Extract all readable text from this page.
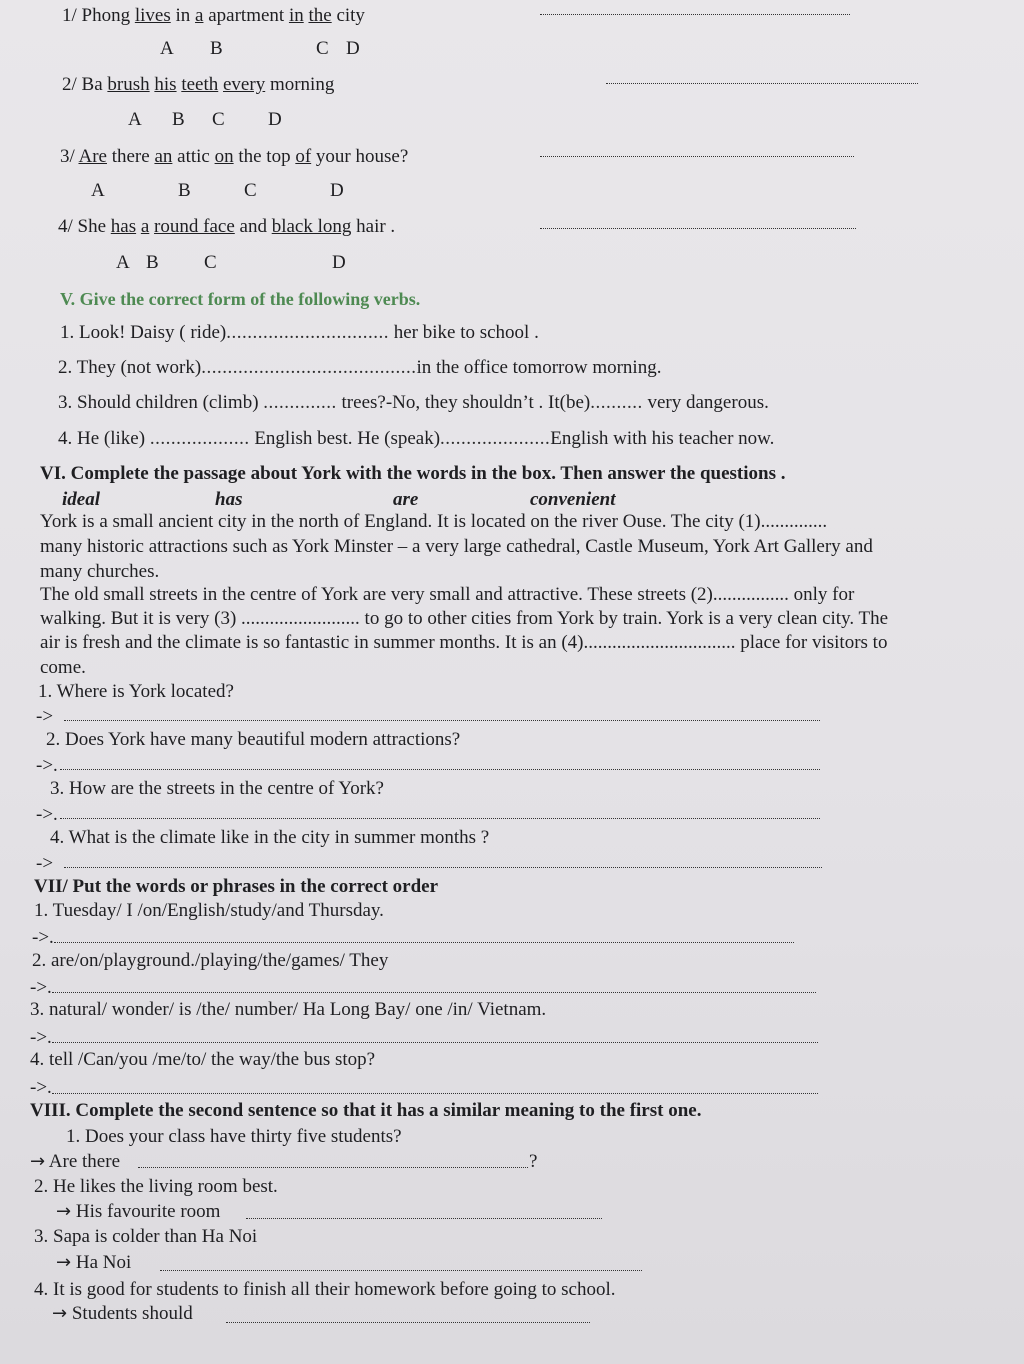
1/ Phong lives in a apartment in the city
A B	C D
2/ Ba brush his teeth every morning
A B C D
3/ Are there an attic on the top of your house?
A	B	C	D
4/ She has a round face and black long hair .
A B C	D
V. Give the correct form of the following verbs.
1. Look! Daisy ( ride)............................... her bike to school .
2. They (not work).........................................in the office tomorrow morning.
3. Should children (climb) .............. trees?-No, they shouldn’t . It(be).......... very dangerous.
4. He (like) ................... English best. He (speak).....................English with his teacher now.
VI. Complete the passage about York with the words in the box. Then answer the questions .
ideal	has	are	convenient
York is a small ancient city in the north of England. It is located on the river Ouse. The city (1)..............
many historic attractions such as York Minster – a very large cathedral, Castle Museum, York Art Gallery and
many churches.
The old small streets in the centre of York are very small and attractive. These streets (2)................ only for
walking. But it is very (3) ......................... to go to other cities from York by train. York is a very clean city. The
air is fresh and the climate is so fantastic in summer months. It is an (4)................................ place for visitors to
come.
1. Where is York located?
->
2. Does York have many beautiful modern attractions?
->.
3. How are the streets in the centre of York?
->.
4. What is the climate like in the city in summer months ?
->
VII/ Put the words or phrases in the correct order
1. Tuesday/ I /on/English/study/and Thursday.
->.
2. are/on/playground./playing/the/games/ They
->.
3. natural/ wonder/ is /the/ number/ Ha Long Bay/ one /in/ Vietnam.
->.
4. tell /Can/you /me/to/ the way/the bus stop?
->.
VIII. Complete the second sentence so that it has a similar meaning to the first one.
1. Does your class have thirty five students?
→ Are there	?
2. He likes the living room best.
→ His favourite room
3. Sapa is colder than Ha Noi
→ Ha Noi
4. It is good for students to finish all their homework before going to school.
→ Students should
